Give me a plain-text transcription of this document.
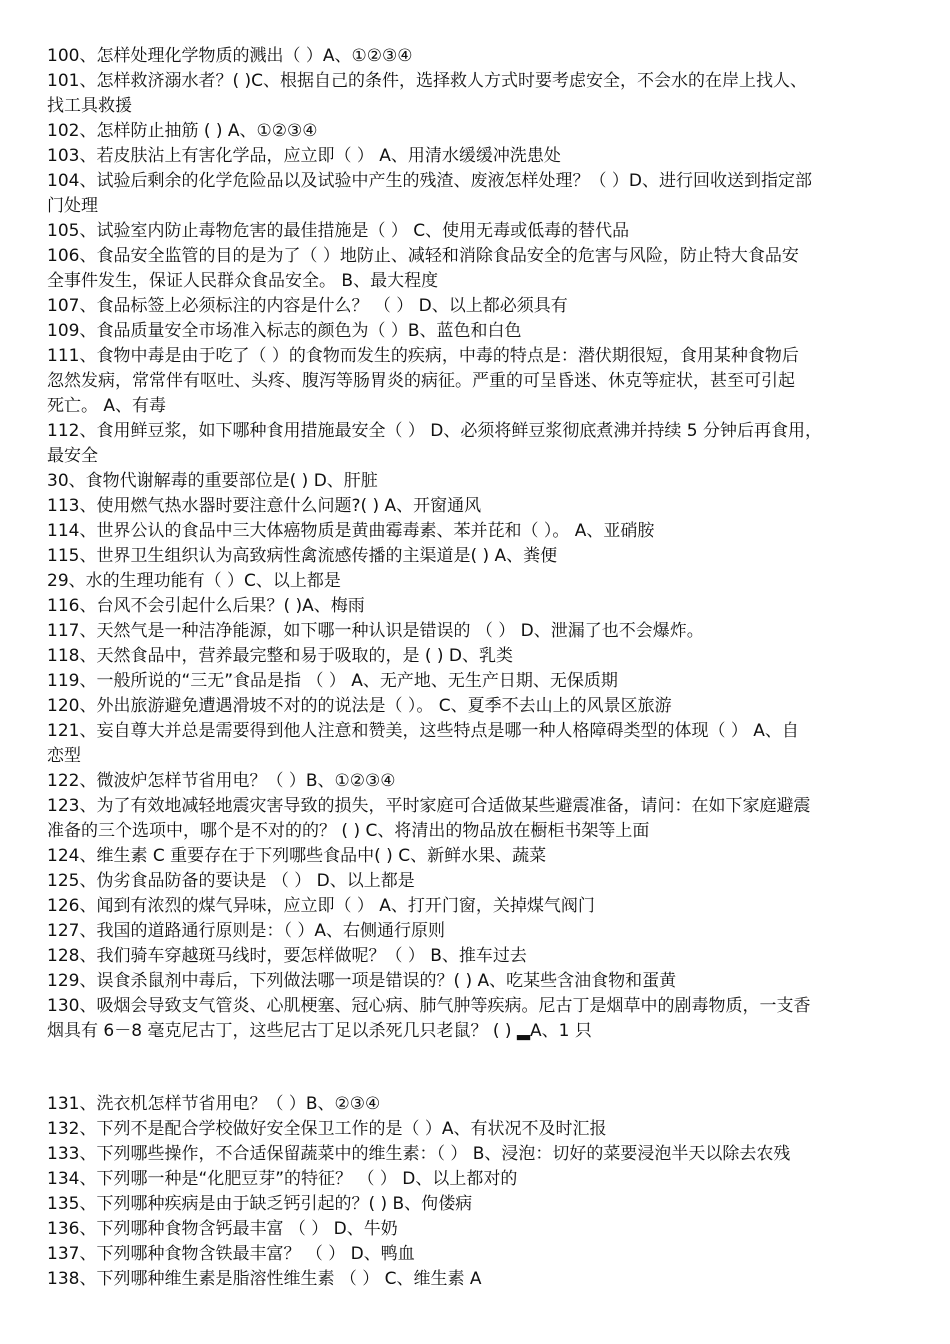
100、怎样处理化学物质的溅出（ ）A、①②③④
101、怎样救济溺水者？( )C、根据自己的条件，选择救人方式时要考虑安全，不会水的在岸上找人、
找工具救援
102、怎样防止抽筋 ( ) A、①②③④
103、若皮肤沾上有害化学品，应立即（ ） A、用清水缓缓冲洗患处
104、试验后剩余的化学危险品以及试验中产生的残渣、废液怎样处理？（ ）D、进行回收送到指定部
门处理
105、试验室内防止毒物危害的最佳措施是（ ） C、使用无毒或低毒的替代品
106、食品安全监管的目的是为了（ ）地防止、减轻和消除食品安全的危害与风险，防止特大食品安
全事件发生，保证人民群众食品安全。 B、最大程度
107、食品标签上必须标注的内容是什么？ （ ） D、以上都必须具有
109、食品质量安全市场准入标志的颜色为（ ）B、蓝色和白色
111、食物中毒是由于吃了（ ）的食物而发生的疾病，中毒的特点是：潜伏期很短，食用某种食物后
忽然发病，常常伴有呕吐、头疼、腹泻等肠胃炎的病征。严重的可呈昏迷、休克等症状，甚至可引起
死亡。 A、有毒
112、食用鲜豆浆，如下哪种食用措施最安全（ ） D、必须将鲜豆浆彻底煮沸并持续 5 分钟后再食用，
最安全
30、食物代谢解毒的重要部位是( ) D、肝脏
113、使用燃气热水器时要注意什么问题?( ) A、开窗通风
114、世界公认的食品中三大体癌物质是黄曲霉毒素、苯并芘和（ ）。 A、亚硝胺
115、世界卫生组织认为高致病性禽流感传播的主渠道是( ) A、粪便
29、水的生理功能有（ ）C、以上都是
116、台风不会引起什么后果？( )A、梅雨
117、天然气是一种洁净能源，如下哪一种认识是错误的 （ ） D、泄漏了也不会爆炸。
118、天然食品中，营养最完整和易于吸取的，是 ( ) D、乳类
119、一般所说的“三无”食品是指 （ ） A、无产地、无生产日期、无保质期
120、外出旅游避免遭遇滑坡不对的的说法是（ ）。 C、夏季不去山上的风景区旅游
121、妄自尊大并总是需要得到他人注意和赞美，这些特点是哪一种人格障碍类型的体现（ ） A、自
恋型
122、微波炉怎样节省用电？（ ）B、①②③④
123、为了有效地减轻地震灾害导致的损失，平时家庭可合适做某些避震准备，请问：在如下家庭避震
准备的三个选项中，哪个是不对的的？ ( ) C、将清出的物品放在橱柜书架等上面
124、维生素 C 重要存在于下列哪些食品中( ) C、新鲜水果、蔬菜
125、伪劣食品防备的要诀是 （ ） D、以上都是
126、闻到有浓烈的煤气异味，应立即（ ） A、打开门窗，关掉煤气阀门
127、我国的道路通行原则是：（ ）A、右侧通行原则
128、我们骑车穿越斑马线时，要怎样做呢？（ ） B、推车过去
129、误食杀鼠剂中毒后，下列做法哪一项是错误的？( ) A、吃某些含油食物和蛋黄
130、吸烟会导致支气管炎、心肌梗塞、冠心病、肺气肿等疾病。尼古丁是烟草中的剧毒物质，一支香
烟具有 6－8 毫克尼古丁，这些尼古丁足以杀死几只老鼠？ ( ) ▂A、1 只
131、洗衣机怎样节省用电？（ ）B、②③④
132、下列不是配合学校做好安全保卫工作的是（ ）A、有状况不及时汇报
133、下列哪些操作，不合适保留蔬菜中的维生素：（ ） B、浸泡：切好的菜要浸泡半天以除去农残
134、下列哪一种是“化肥豆芽”的特征？ （ ） D、以上都对的
135、下列哪种疾病是由于缺乏钙引起的？( ) B、佝偻病
136、下列哪种食物含钙最丰富 （ ） D、牛奶
137、下列哪种食物含铁最丰富？ （ ） D、鸭血
138、下列哪种维生素是脂溶性维生素 （ ） C、维生素 A
